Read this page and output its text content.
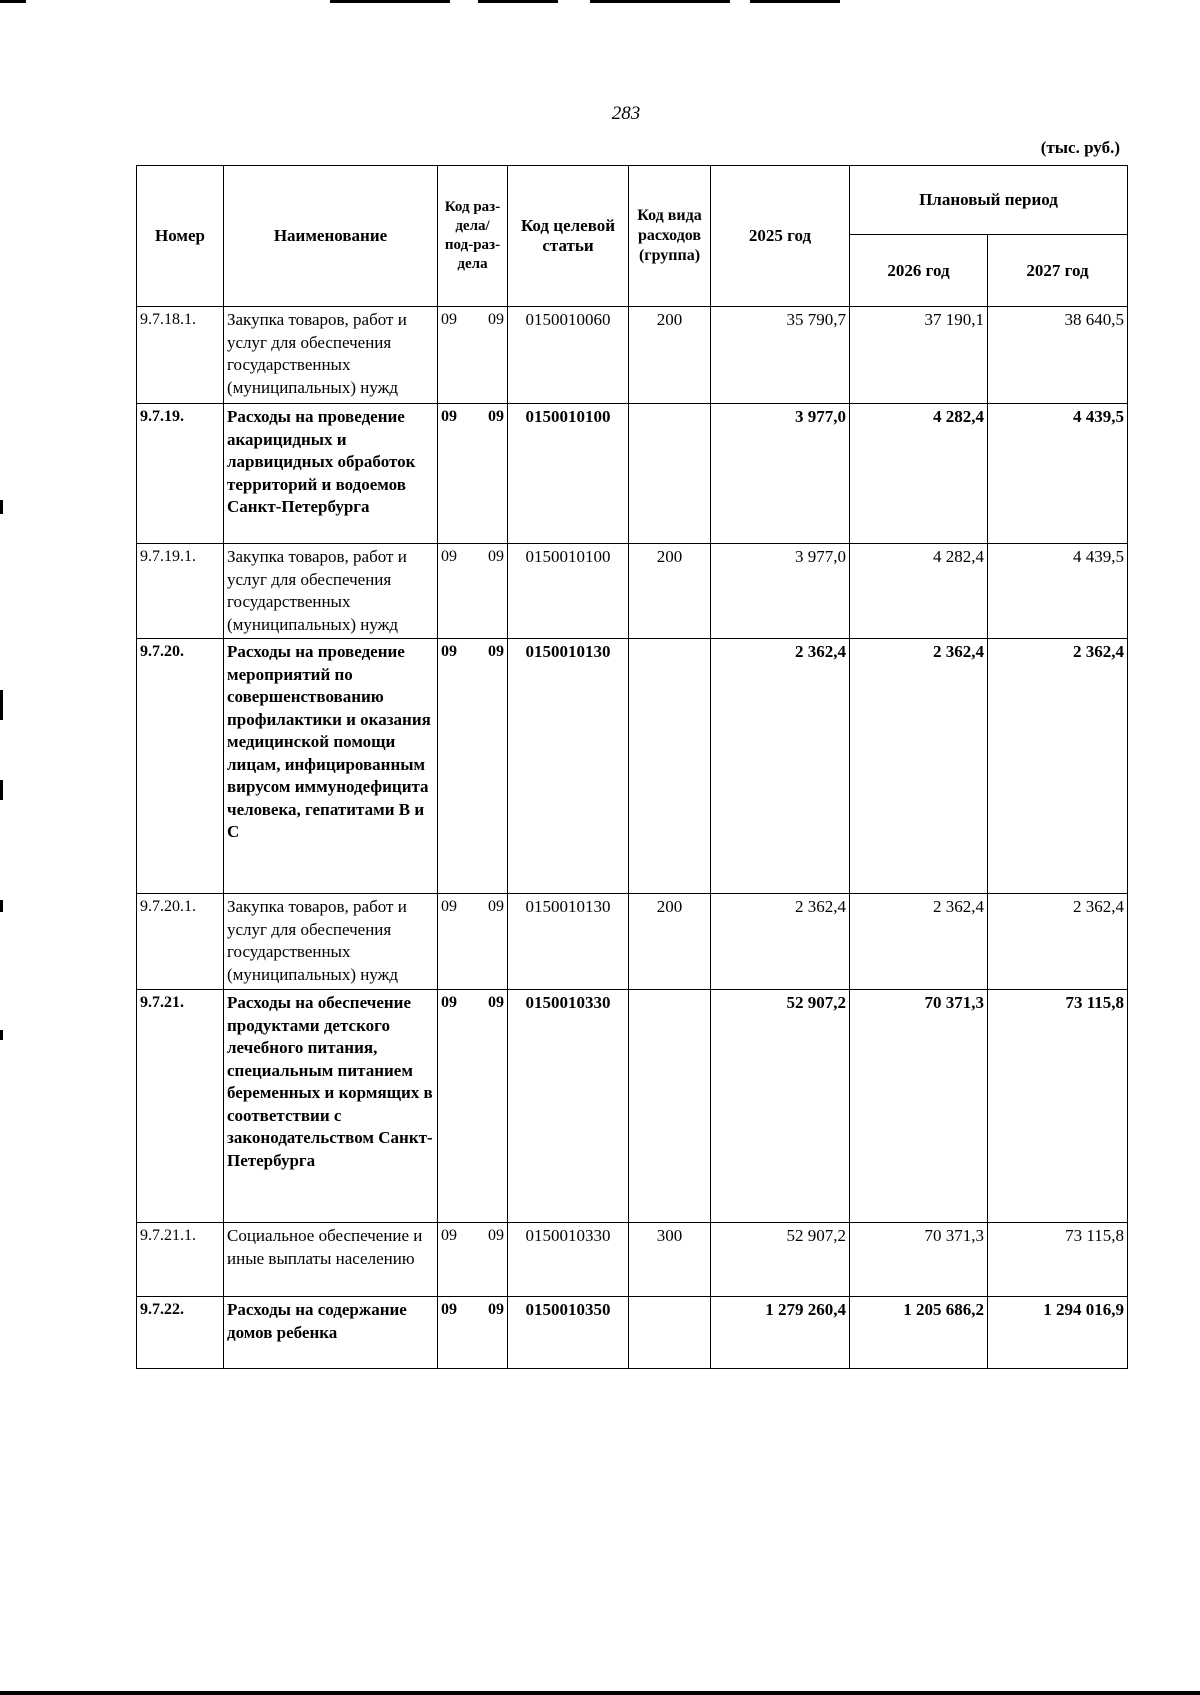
283
(тыс. руб.)
Номер	Наименование	Код раз-дела/ под-раз-дела	Код целевой статьи	Код вида расходов (группа)	2025 год	Плановый период	
						2026 год	2027 год
9.7.18.1.	Закупка товаров, работ и услуг для обеспечения государственных (муниципальных) нужд	09 09	0150010060	200	35 790,7	37 190,1	38 640,5
9.7.19.	Расходы на проведение акарицидных и ларвицидных обработок территорий и водоемов Санкт-Петербурга	09 09	0150010100		3 977,0	4 282,4	4 439,5
9.7.19.1.	Закупка товаров, работ и услуг для обеспечения государственных (муниципальных) нужд	09 09	0150010100	200	3 977,0	4 282,4	4 439,5
9.7.20.	Расходы на проведение мероприятий по совершенствованию профилактики и оказания медицинской помощи лицам, инфицированным вирусом иммунодефицита человека, гепатитами В и С	09 09	0150010130		2 362,4	2 362,4	2 362,4
9.7.20.1.	Закупка товаров, работ и услуг для обеспечения государственных (муниципальных) нужд	09 09	0150010130	200	2 362,4	2 362,4	2 362,4
9.7.21.	Расходы на обеспечение продуктами детского лечебного питания, специальным питанием беременных и кормящих в соответствии с законодательством Санкт-Петербурга	09 09	0150010330		52 907,2	70 371,3	73 115,8
9.7.21.1.	Социальное обеспечение и иные выплаты населению	09 09	0150010330	300	52 907,2	70 371,3	73 115,8
9.7.22.	Расходы на содержание домов ребенка	09 09	0150010350		1 279 260,4	1 205 686,2	1 294 016,9
